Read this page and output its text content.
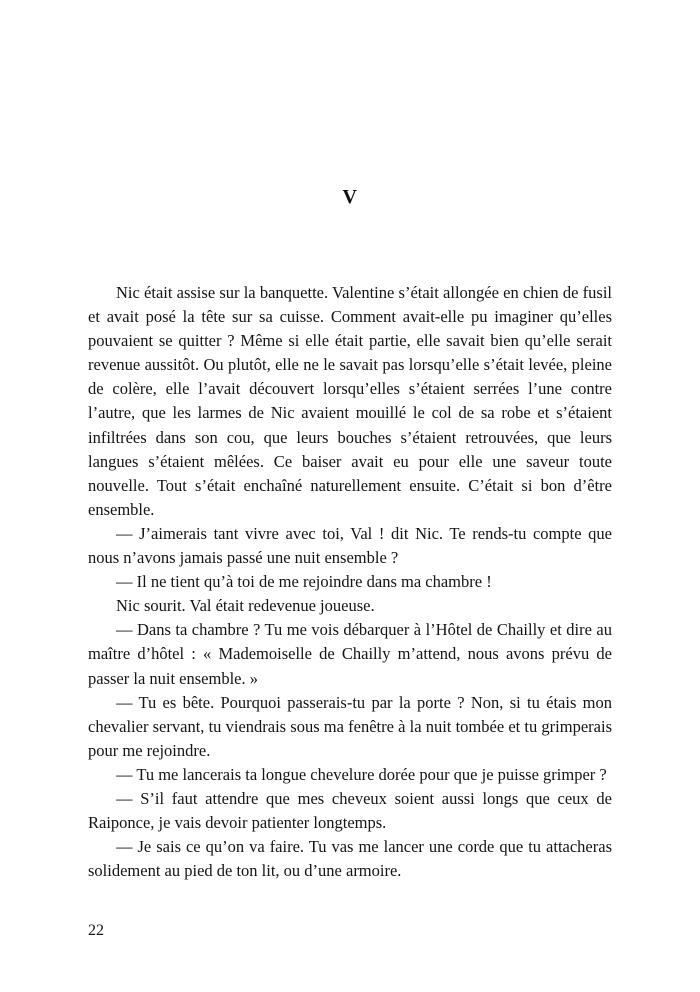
V

Nic était assise sur la banquette. Valentine s’était allongée en chien de fusil et avait posé la tête sur sa cuisse. Comment avait-elle pu imaginer qu’elles pouvaient se quitter ? Même si elle était partie, elle savait bien qu’elle serait revenue aussitôt. Ou plutôt, elle ne le savait pas lorsqu’elle s’était levée, pleine de colère, elle l’avait découvert lorsqu’elles s’étaient serrées l’une contre l’autre, que les larmes de Nic avaient mouillé le col de sa robe et s’étaient infiltrées dans son cou, que leurs bouches s’étaient retrouvées, que leurs langues s’étaient mêlées. Ce baiser avait eu pour elle une saveur toute nouvelle. Tout s’était enchaîné naturellement ensuite. C’était si bon d’être ensemble.

— J’aimerais tant vivre avec toi, Val ! dit Nic. Te rends-tu compte que nous n’avons jamais passé une nuit ensemble ?

— Il ne tient qu’à toi de me rejoindre dans ma chambre !

Nic sourit. Val était redevenue joueuse.

— Dans ta chambre ? Tu me vois débarquer à l’Hôtel de Chailly et dire au maître d’hôtel : « Mademoiselle de Chailly m’attend, nous avons prévu de passer la nuit ensemble. »

— Tu es bête. Pourquoi passerais-tu par la porte ? Non, si tu étais mon chevalier servant, tu viendrais sous ma fenêtre à la nuit tombée et tu grimperais pour me rejoindre.

— Tu me lancerais ta longue chevelure dorée pour que je puisse grimper ?

— S’il faut attendre que mes cheveux soient aussi longs que ceux de Raiponce, je vais devoir patienter longtemps.

— Je sais ce qu’on va faire. Tu vas me lancer une corde que tu attacheras solidement au pied de ton lit, ou d’une armoire.

22
